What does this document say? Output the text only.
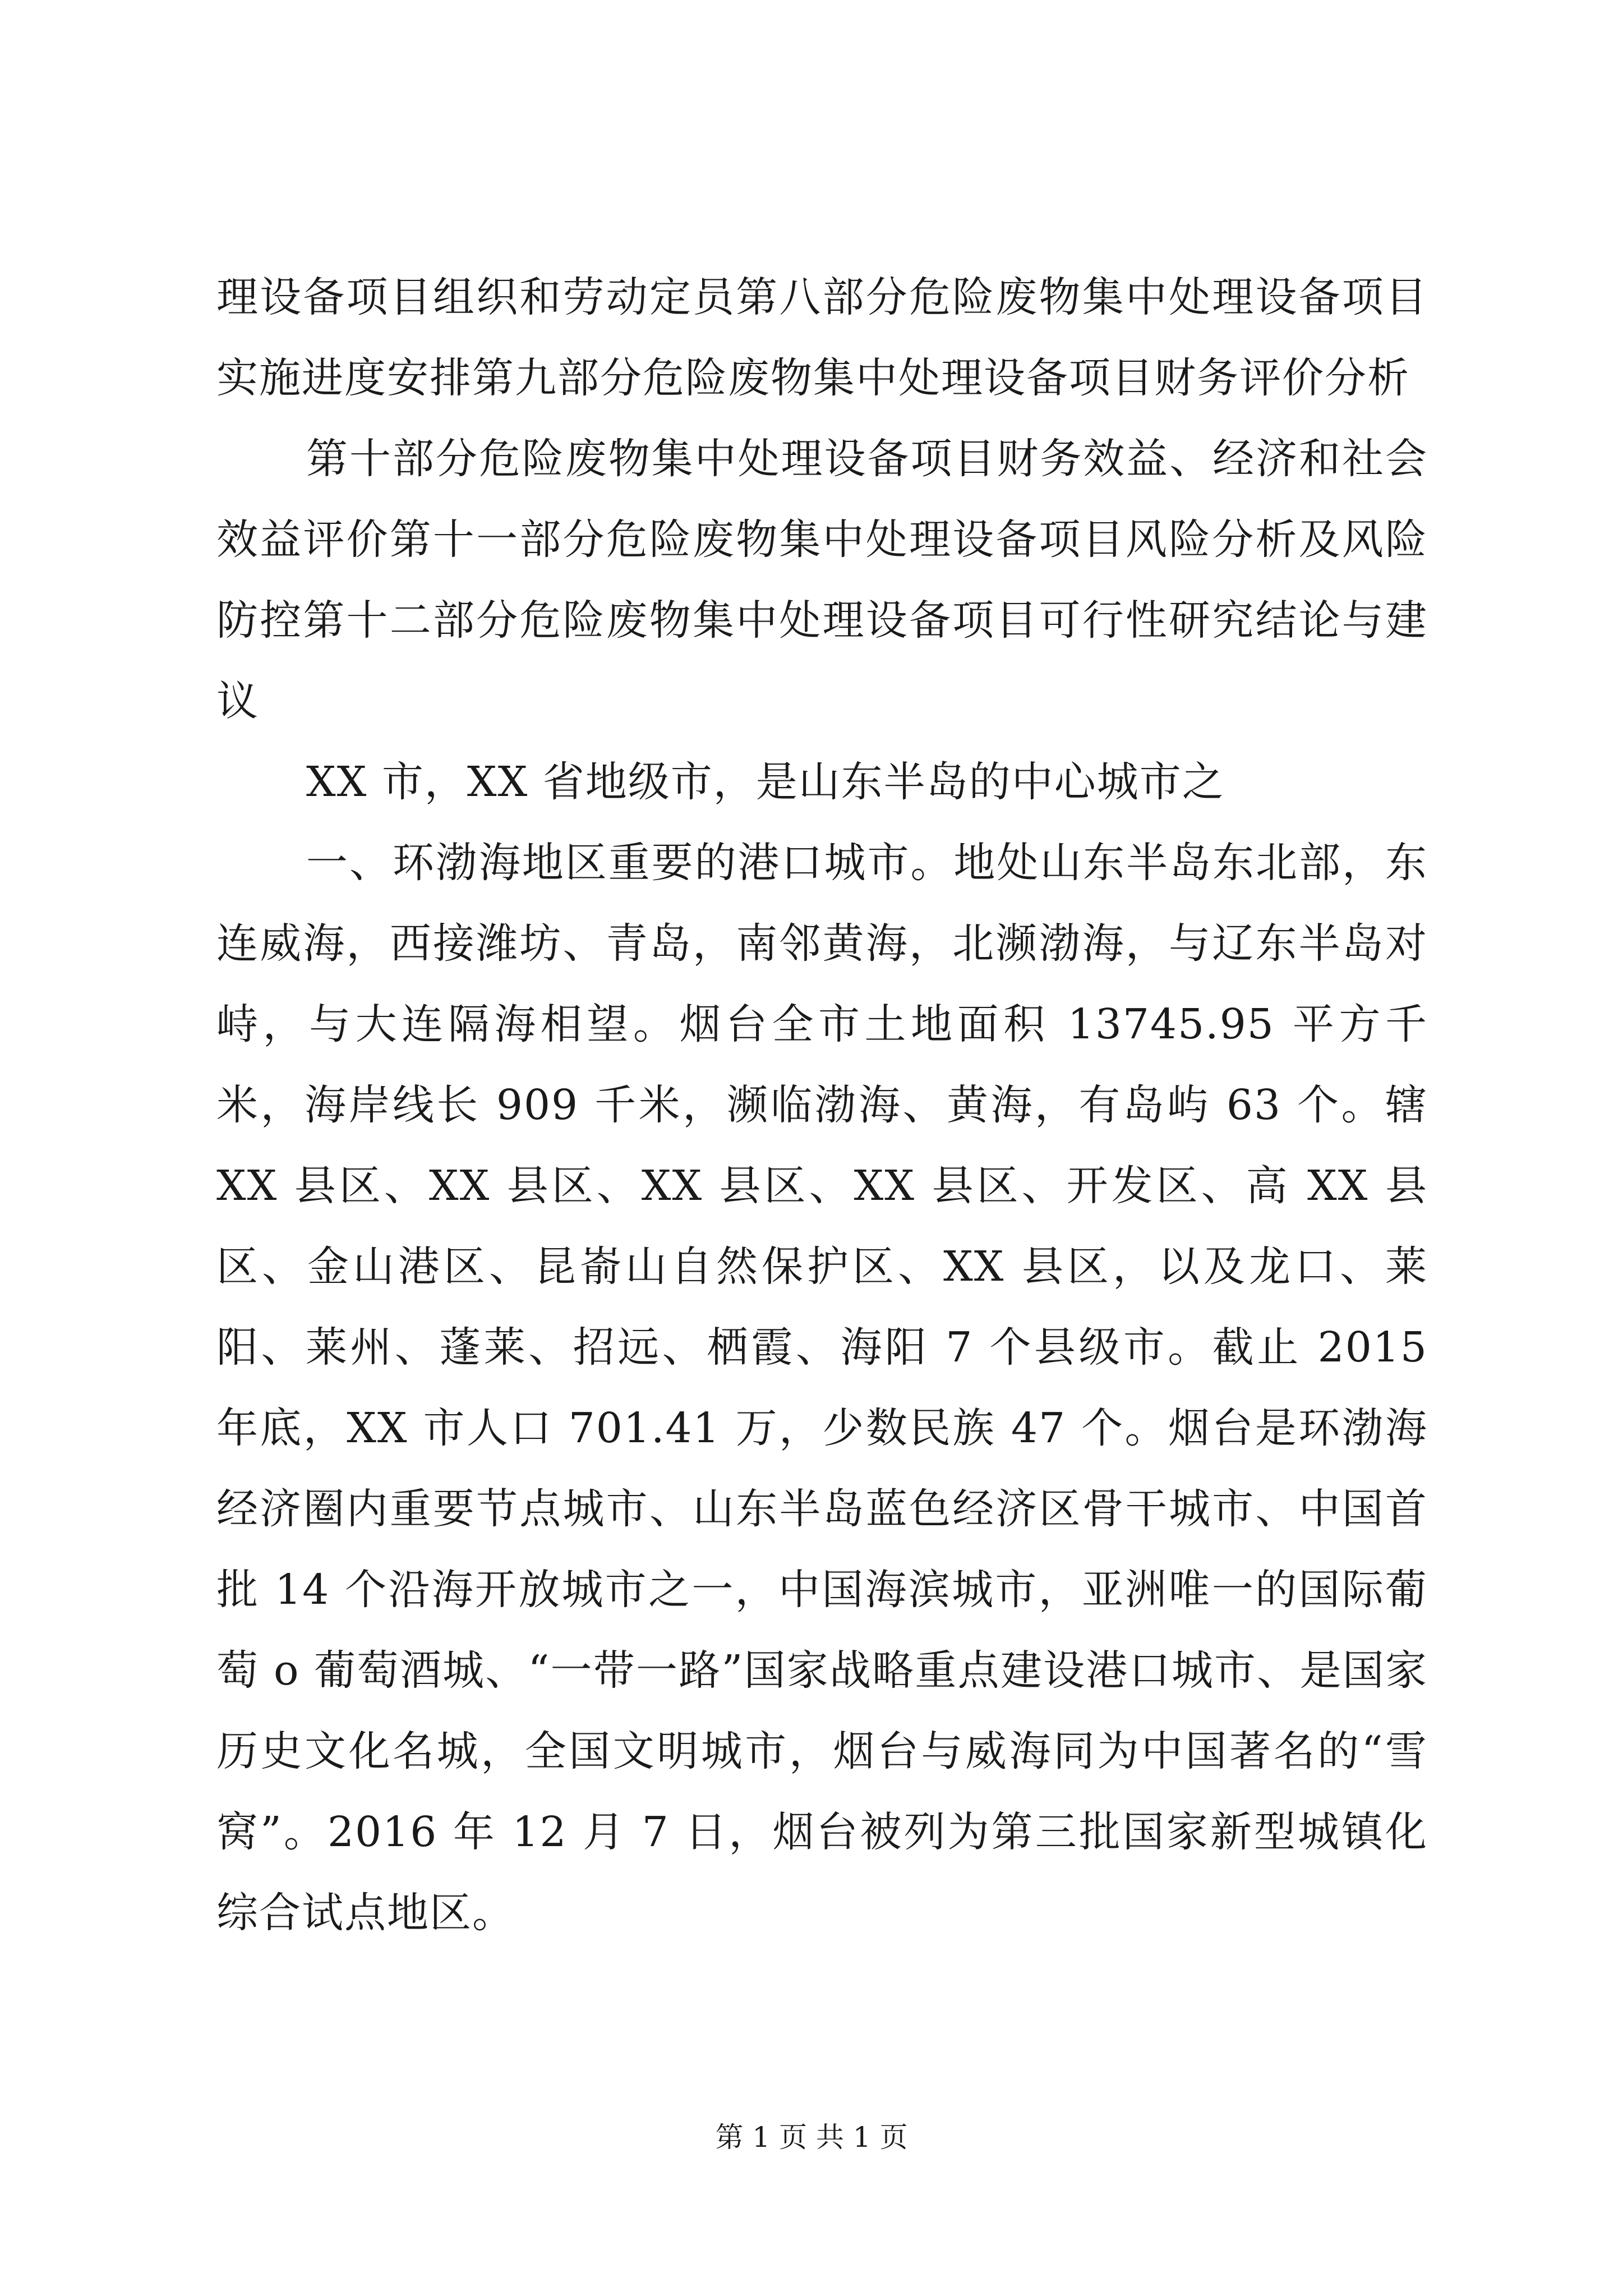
理设备项目组织和劳动定员第八部分危险废物集中处理设备项目实施进度安排第九部分危险废物集中处理设备项目财务评价分析

第十部分危险废物集中处理设备项目财务效益、经济和社会效益评价第十一部分危险废物集中处理设备项目风险分析及风险防控第十二部分危险废物集中处理设备项目可行性研究结论与建议

XX 市，XX 省地级市，是山东半岛的中心城市之

一、环渤海地区重要的港口城市。地处山东半岛东北部，东连威海，西接潍坊、青岛，南邻黄海，北濒渤海，与辽东半岛对峙，与大连隔海相望。烟台全市土地面积 13745.95 平方千米，海岸线长 909 千米，濒临渤海、黄海，有岛屿 63 个。辖 XX 县区、XX 县区、XX 县区、XX 县区、开发区、高 XX 县区、金山港区、昆嵛山自然保护区、XX 县区，以及龙口、莱阳、莱州、蓬莱、招远、栖霞、海阳 7 个县级市。截止 2015 年底，XX 市人口 701.41 万，少数民族 47 个。烟台是环渤海经济圈内重要节点城市、山东半岛蓝色经济区骨干城市、中国首批 14 个沿海开放城市之一，中国海滨城市，亚洲唯一的国际葡萄 o 葡萄酒城、“一带一路”国家战略重点建设港口城市、是国家历史文化名城，全国文明城市，烟台与威海同为中国著名的“雪窝”。2016 年 12 月 7 日，烟台被列为第三批国家新型城镇化综合试点地区。

第 1 页 共 1 页
